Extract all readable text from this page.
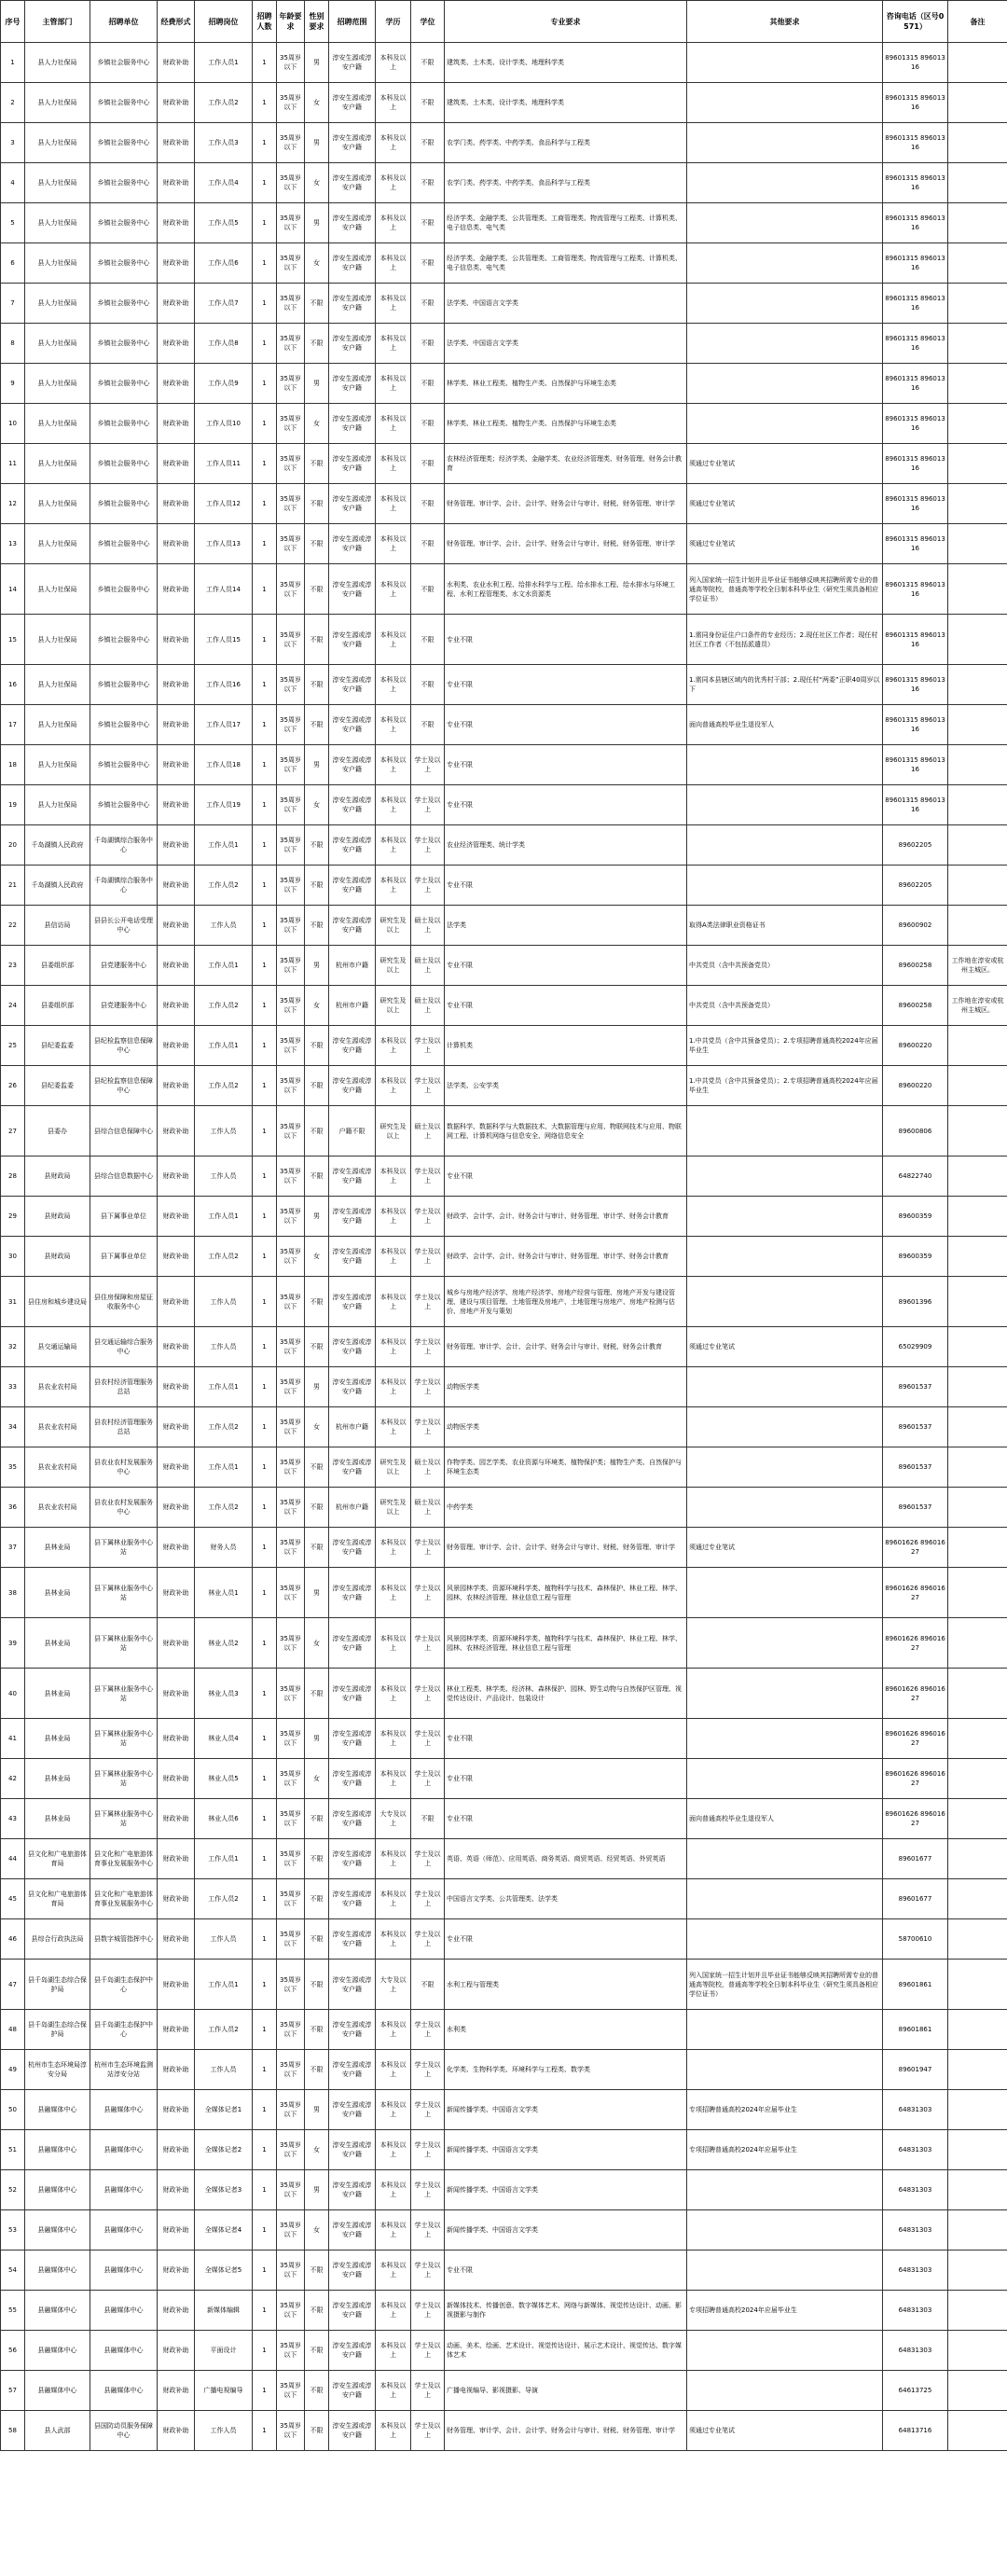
序号	主管部门	招聘单位	经费形式	招聘岗位	招聘人数	年龄要求	性别要求	招聘范围	学历	学位	专业要求	其他要求	咨询电话（区号0571）	备注
1	县人力社保局	乡镇社会服务中心	财政补助	工作人员1	1	35周岁以下	男	淳安生源或淳安户籍	本科及以上	不限	建筑类、土木类、设计学类、地理科学类		89601315 89601316	
2	县人力社保局	乡镇社会服务中心	财政补助	工作人员2	1	35周岁以下	女	淳安生源或淳安户籍	本科及以上	不限	建筑类、土木类、设计学类、地理科学类		89601315 89601316	
3	县人力社保局	乡镇社会服务中心	财政补助	工作人员3	1	35周岁以下	男	淳安生源或淳安户籍	本科及以上	不限	农学门类、药学类、中药学类、食品科学与工程类		89601315 89601316	
4	县人力社保局	乡镇社会服务中心	财政补助	工作人员4	1	35周岁以下	女	淳安生源或淳安户籍	本科及以上	不限	农学门类、药学类、中药学类、食品科学与工程类		89601315 89601316	
5	县人力社保局	乡镇社会服务中心	财政补助	工作人员5	1	35周岁以下	男	淳安生源或淳安户籍	本科及以上	不限	经济学类、金融学类、公共管理类、工商管理类、物流管理与工程类、计算机类、电子信息类、电气类		89601315 89601316	
6	县人力社保局	乡镇社会服务中心	财政补助	工作人员6	1	35周岁以下	女	淳安生源或淳安户籍	本科及以上	不限	经济学类、金融学类、公共管理类、工商管理类、物流管理与工程类、计算机类、电子信息类、电气类		89601315 89601316	
7	县人力社保局	乡镇社会服务中心	财政补助	工作人员7	1	35周岁以下	不限	淳安生源或淳安户籍	本科及以上	不限	法学类、中国语言文学类		89601315 89601316	
8	县人力社保局	乡镇社会服务中心	财政补助	工作人员8	1	35周岁以下	不限	淳安生源或淳安户籍	本科及以上	不限	法学类、中国语言文学类		89601315 89601316	
9	县人力社保局	乡镇社会服务中心	财政补助	工作人员9	1	35周岁以下	男	淳安生源或淳安户籍	本科及以上	不限	林学类、林业工程类、植物生产类、自然保护与环境生态类		89601315 89601316	
10	县人力社保局	乡镇社会服务中心	财政补助	工作人员10	1	35周岁以下	女	淳安生源或淳安户籍	本科及以上	不限	林学类、林业工程类、植物生产类、自然保护与环境生态类		89601315 89601316	
11	县人力社保局	乡镇社会服务中心	财政补助	工作人员11	1	35周岁以下	不限	淳安生源或淳安户籍	本科及以上	不限	农林经济管理类；经济学类、金融学类、农业经济管理类、财务管理、财务会计教育	须通过专业笔试	89601315 89601316	
12	县人力社保局	乡镇社会服务中心	财政补助	工作人员12	1	35周岁以下	不限	淳安生源或淳安户籍	本科及以上	不限	财务管理、审计学、会计、会计学、财务会计与审计、财税、财务管理、审计学	须通过专业笔试	89601315 89601316	
13	县人力社保局	乡镇社会服务中心	财政补助	工作人员13	1	35周岁以下	不限	淳安生源或淳安户籍	本科及以上	不限	财务管理、审计学、会计、会计学、财务会计与审计、财税、财务管理、审计学	须通过专业笔试	89601315 89601316	
14	县人力社保局	乡镇社会服务中心	财政补助	工作人员14	1	35周岁以下	不限	淳安生源或淳安户籍	本科及以上	不限	水利类、农业水利工程、给排水科学与工程、给水排水工程、给水排水与环境工程、水利工程管理类、水文水资源类	列入国家统一招生计划并且毕业证书能够反映其招聘所需专业的普通高等院校，普通高等学校全日制本科毕业生（研究生须具备相应学位证书）	89601315 89601316	
15	县人力社保局	乡镇社会服务中心	财政补助	工作人员15	1	35周岁以下	不限	淳安生源或淳安户籍	本科及以上	不限	专业不限	1.需同身份证住户口条件的专业经历；2.现任社区工作者；现任村社区工作者（不包括派遣员）	89601315 89601316	
16	县人力社保局	乡镇社会服务中心	财政补助	工作人员16	1	35周岁以下	不限	淳安生源或淳安户籍	本科及以上	不限	专业不限	1.需同本县辖区域内的优秀村干部；2.现任村“两委”正职40周岁以下	89601315 89601316	
17	县人力社保局	乡镇社会服务中心	财政补助	工作人员17	1	35周岁以下	不限	淳安生源或淳安户籍	本科及以上	不限	专业不限	面向普通高校毕业生退役军人	89601315 89601316	
18	县人力社保局	乡镇社会服务中心	财政补助	工作人员18	1	35周岁以下	男	淳安生源或淳安户籍	本科及以上	学士及以上	专业不限		89601315 89601316	
19	县人力社保局	乡镇社会服务中心	财政补助	工作人员19	1	35周岁以下	女	淳安生源或淳安户籍	本科及以上	学士及以上	专业不限		89601315 89601316	
20	千岛湖镇人民政府	千岛湖镇综合服务中心	财政补助	工作人员1	1	35周岁以下	不限	淳安生源或淳安户籍	本科及以上	学士及以上	农业经济管理类、统计学类		89602205	
21	千岛湖镇人民政府	千岛湖镇综合服务中心	财政补助	工作人员2	1	35周岁以下	不限	淳安生源或淳安户籍	本科及以上	学士及以上	专业不限		89602205	
22	县信访局	县县长公开电话受理中心	财政补助	工作人员	1	35周岁以下	不限	淳安生源或淳安户籍	研究生及以上	硕士及以上	法学类	取得A类法律职业资格证书	89600902	
23	县委组织部	县党建服务中心	财政补助	工作人员1	1	35周岁以下	男	杭州市户籍	研究生及以上	硕士及以上	专业不限	中共党员（含中共预备党员）	89600258	工作地在淳安或杭州主城区。
24	县委组织部	县党建服务中心	财政补助	工作人员2	1	35周岁以下	女	杭州市户籍	研究生及以上	硕士及以上	专业不限	中共党员（含中共预备党员）	89600258	工作地在淳安或杭州主城区。
25	县纪委监委	县纪检监察信息保障中心	财政补助	工作人员1	1	35周岁以下	不限	淳安生源或淳安户籍	本科及以上	学士及以上	计算机类	1.中共党员（含中共预备党员）；2.专项招聘普通高校2024年应届毕业生	89600220	
26	县纪委监委	县纪检监察信息保障中心	财政补助	工作人员2	1	35周岁以下	不限	淳安生源或淳安户籍	本科及以上	学士及以上	法学类、公安学类	1.中共党员（含中共预备党员）；2.专项招聘普通高校2024年应届毕业生	89600220	
27	县委办	县综合信息保障中心	财政补助	工作人员	1	35周岁以下	不限	户籍不限	研究生及以上	硕士及以上	数据科学、数据科学与大数据技术、大数据管理与应用、物联网技术与应用、物联网工程、计算机网络与信息安全、网络信息安全		89600806	
28	县财政局	县综合信息数据中心	财政补助	工作人员	1	35周岁以下	不限	淳安生源或淳安户籍	本科及以上	学士及以上	专业不限		64822740	
29	县财政局	县下属事业单位	财政补助	工作人员1	1	35周岁以下	男	淳安生源或淳安户籍	本科及以上	学士及以上	财政学、会计学、会计、财务会计与审计、财务管理、审计学、财务会计教育		89600359	
30	县财政局	县下属事业单位	财政补助	工作人员2	1	35周岁以下	女	淳安生源或淳安户籍	本科及以上	学士及以上	财政学、会计学、会计、财务会计与审计、财务管理、审计学、财务会计教育		89600359	
31	县住房和城乡建设局	县住房保障和房屋征收服务中心	财政补助	工作人员	1	35周岁以下	不限	淳安生源或淳安户籍	本科及以上	学士及以上	城乡与房地产经济学、房地产经济学、房地产经营与管理、房地产开发与建设管理、建设与项目管理、土地管理及房地产、土地管理与房地产、房地产检测与估价、房地产开发与策划		89601396	
32	县交通运输局	县交通运输综合服务中心	财政补助	工作人员	1	35周岁以下	不限	淳安生源或淳安户籍	本科及以上	学士及以上	财务管理、审计学、会计、会计学、财务会计与审计、财税、财务会计教育	须通过专业笔试	65029909	
33	县农业农村局	县农村经济管理服务总站	财政补助	工作人员1	1	35周岁以下	男	淳安生源或淳安户籍	本科及以上	学士及以上	动物医学类		89601537	
34	县农业农村局	县农村经济管理服务总站	财政补助	工作人员2	1	35周岁以下	女	杭州市户籍	本科及以上	学士及以上	动物医学类		89601537	
35	县农业农村局	县农业农村发展服务中心	财政补助	工作人员1	1	35周岁以下	不限	淳安生源或淳安户籍	研究生及以上	硕士及以上	作物学类、园艺学类、农业资源与环境类、植物保护类；植物生产类、自然保护与环境生态类		89601537	
36	县农业农村局	县农业农村发展服务中心	财政补助	工作人员2	1	35周岁以下	不限	杭州市户籍	研究生及以上	硕士及以上	中药学类		89601537	
37	县林业局	县下属林业服务中心站	财政补助	财务人员	1	35周岁以下	不限	淳安生源或淳安户籍	本科及以上	学士及以上	财务管理、审计学、会计、会计学、财务会计与审计、财税、财务管理、审计学	须通过专业笔试	89601626 89601627	
38	县林业局	县下属林业服务中心站	财政补助	林业人员1	1	35周岁以下	男	淳安生源或淳安户籍	本科及以上	学士及以上	风景园林学类、资源环境科学类、植物科学与技术、森林保护、林业工程、林学、园林、农林经济管理、林业信息工程与管理		89601626 89601627	
39	县林业局	县下属林业服务中心站	财政补助	林业人员2	1	35周岁以下	女	淳安生源或淳安户籍	本科及以上	学士及以上	风景园林学类、资源环境科学类、植物科学与技术、森林保护、林业工程、林学、园林、农林经济管理、林业信息工程与管理		89601626 89601627	
40	县林业局	县下属林业服务中心站	财政补助	林业人员3	1	35周岁以下	不限	淳安生源或淳安户籍	本科及以上	学士及以上	林业工程类、林学类、经济林、森林保护、园林、野生动物与自然保护区管理、视觉传达设计、产品设计、包装设计		89601626 89601627	
41	县林业局	县下属林业服务中心站	财政补助	林业人员4	1	35周岁以下	男	淳安生源或淳安户籍	本科及以上	学士及以上	专业不限		89601626 89601627	
42	县林业局	县下属林业服务中心站	财政补助	林业人员5	1	35周岁以下	女	淳安生源或淳安户籍	本科及以上	学士及以上	专业不限		89601626 89601627	
43	县林业局	县下属林业服务中心站	财政补助	林业人员6	1	35周岁以下	不限	淳安生源或淳安户籍	大专及以上	不限	专业不限	面向普通高校毕业生退役军人	89601626 89601627	
44	县文化和广电旅游体育局	县文化和广电旅游体育事业发展服务中心	财政补助	工作人员1	1	35周岁以下	不限	淳安生源或淳安户籍	本科及以上	学士及以上	英语、英语（师范）、应用英语、商务英语、商贸英语、经贸英语、外贸英语		89601677	
45	县文化和广电旅游体育局	县文化和广电旅游体育事业发展服务中心	财政补助	工作人员2	1	35周岁以下	不限	淳安生源或淳安户籍	本科及以上	学士及以上	中国语言文学类、公共管理类、法学类		89601677	
46	县综合行政执法局	县数字城管指挥中心	财政补助	工作人员	1	35周岁以下	不限	淳安生源或淳安户籍	本科及以上	学士及以上	专业不限		58700610	
47	县千岛湖生态综合保护局	县千岛湖生态保护中心	财政补助	工作人员1	1	35周岁以下	不限	淳安生源或淳安户籍	大专及以上	不限	水利工程与管理类	列入国家统一招生计划并且毕业证书能够反映其招聘所需专业的普通高等院校，普通高等学校全日制本科毕业生（研究生须具备相应学位证书）	89601861	
48	县千岛湖生态综合保护局	县千岛湖生态保护中心	财政补助	工作人员2	1	35周岁以下	不限	淳安生源或淳安户籍	本科及以上	学士及以上	水利类		89601861	
49	杭州市生态环境局淳安分局	杭州市生态环境监测站淳安分站	财政补助	工作人员	1	35周岁以下	不限	淳安生源或淳安户籍	本科及以上	学士及以上	化学类、生物科学类、环境科学与工程类、数学类		89601947	
50	县融媒体中心	县融媒体中心	财政补助	全媒体记者1	1	35周岁以下	男	淳安生源或淳安户籍	本科及以上	学士及以上	新闻传播学类、中国语言文学类	专项招聘普通高校2024年应届毕业生	64831303	
51	县融媒体中心	县融媒体中心	财政补助	全媒体记者2	1	35周岁以下	女	淳安生源或淳安户籍	本科及以上	学士及以上	新闻传播学类、中国语言文学类	专项招聘普通高校2024年应届毕业生	64831303	
52	县融媒体中心	县融媒体中心	财政补助	全媒体记者3	1	35周岁以下	男	淳安生源或淳安户籍	本科及以上	学士及以上	新闻传播学类、中国语言文学类		64831303	
53	县融媒体中心	县融媒体中心	财政补助	全媒体记者4	1	35周岁以下	女	淳安生源或淳安户籍	本科及以上	学士及以上	新闻传播学类、中国语言文学类		64831303	
54	县融媒体中心	县融媒体中心	财政补助	全媒体记者5	1	35周岁以下	不限	淳安生源或淳安户籍	本科及以上	学士及以上	专业不限		64831303	
55	县融媒体中心	县融媒体中心	财政补助	新媒体编辑	1	35周岁以下	不限	淳安生源或淳安户籍	本科及以上	学士及以上	新媒体技术、传播创意、数字媒体艺术、网络与新媒体、视觉传达设计、动画、影视摄影与制作	专项招聘普通高校2024年应届毕业生	64831303	
56	县融媒体中心	县融媒体中心	财政补助	平面设计	1	35周岁以下	不限	淳安生源或淳安户籍	本科及以上	学士及以上	动画、美术、绘画、艺术设计、视觉传达设计、展示艺术设计、视觉传达、数字媒体艺术		64831303	
57	县融媒体中心	县融媒体中心	财政补助	广播电视编导	1	35周岁以下	不限	淳安生源或淳安户籍	本科及以上	学士及以上	广播电视编导、影视摄影、导演		64613725	
58	县人武部	县国防动员服务保障中心	财政补助	工作人员	1	35周岁以下	不限	淳安生源或淳安户籍	本科及以上	学士及以上	财务管理、审计学、会计、会计学、财务会计与审计、财税、财务管理、审计学	须通过专业笔试	64813716	
